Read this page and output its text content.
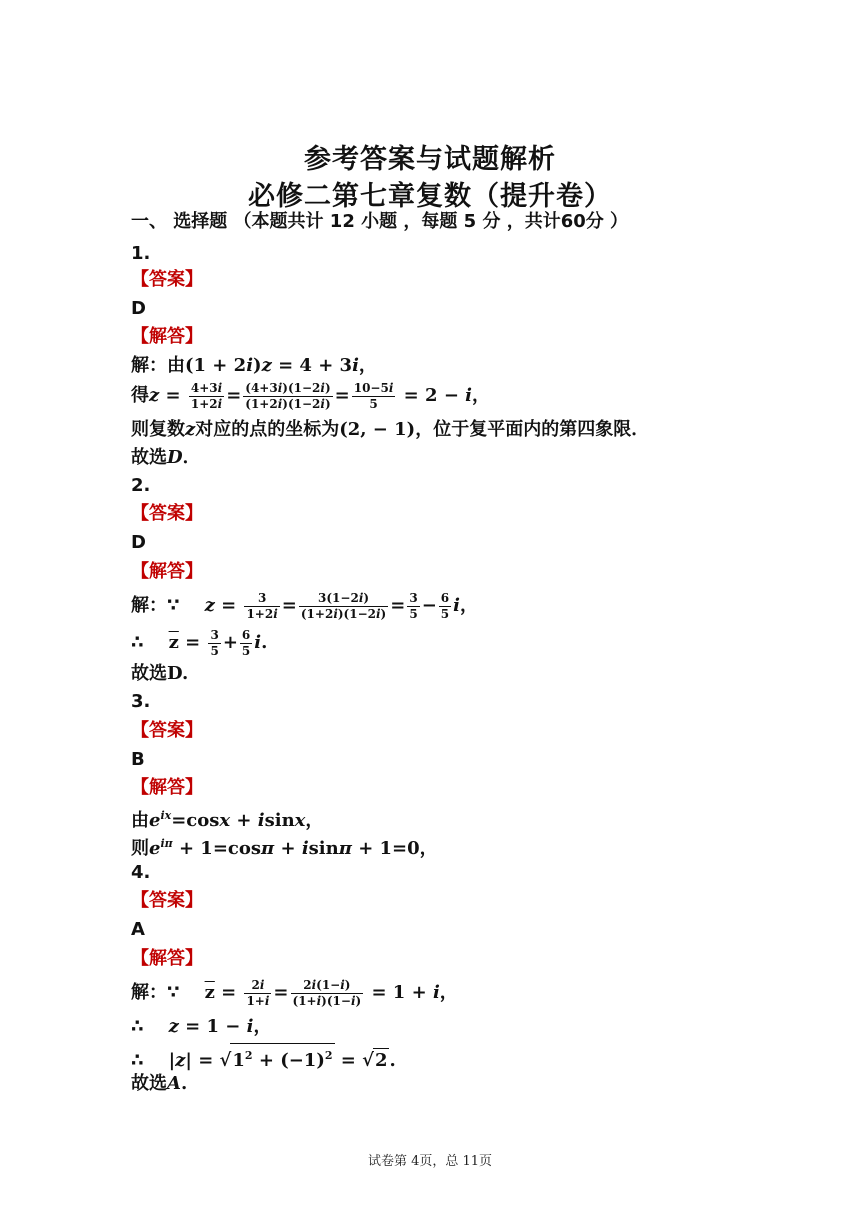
参考答案与试题解析
必修二第七章复数（提升卷）
一、 选择题 （本题共计 12 小题 ，每题 5 分 ，共计60分 ）
1.
【答案】
D
【解答】
解：由(1 + 2i)z = 4 + 3i，
得$z = \frac{4+3i}{1+2i} = \frac{(4+3i)(1-2i)}{(1+2i)(1-2i)} = \frac{10-5i}{5} = 2 - i$，
则复数z对应的点的坐标为(2, − 1)，位于复平面内的第四象限．
故选D．
2.
【答案】
D
【解答】
解：∵    $z = \frac{3}{1+2i} = \frac{3(1-2i)}{(1+2i)(1-2i)} = \frac{3}{5} - \frac{6}{5}$ i，
∴    $\overline{z} = \frac{3}{5} + \frac{6}{5} i$.
故选D.
3.
【答案】
B
【解答】
由$e^{ix}=\cos x + isinx$，
则$e^{i\pi} + 1=\cos\pi + isin\pi + 1=0$，
4.
【答案】
A
【解答】
解：∵    $\overline{z} = \frac{2i}{1+i} = \frac{2i(1-i)}{(1+i)(1-i)} = 1 + i$，
∴    z = 1 − i，
∴    $|z| = √1^2 + (-1)^2 = √2$ .
故选A.
试卷第 4页，总 11页
